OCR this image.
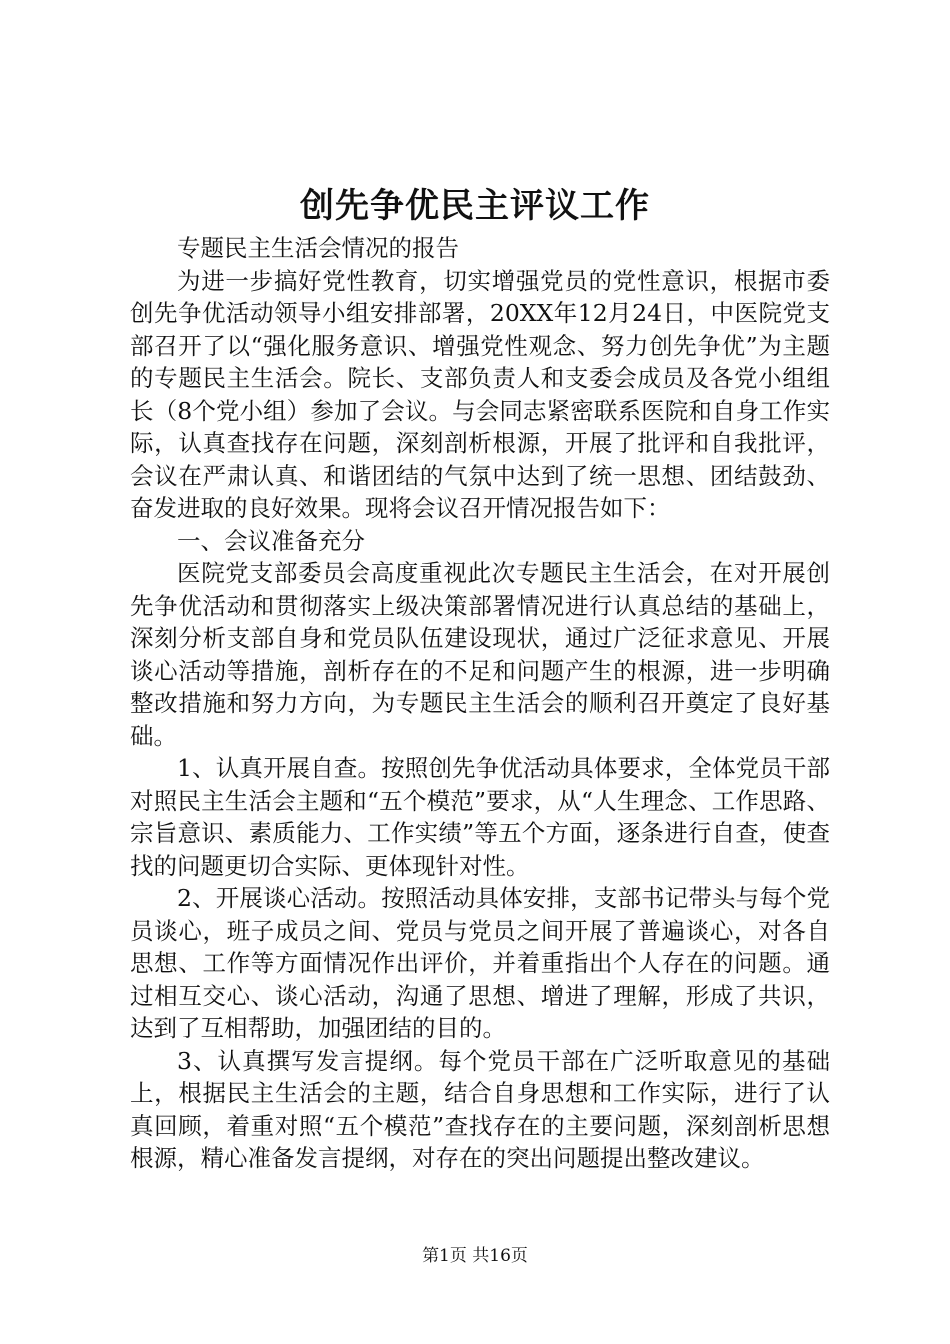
创先争优民主评议工作

专题民主生活会情况的报告

为进一步搞好党性教育，切实增强党员的党性意识，根据市委创先争优活动领导小组安排部署，20XX年12月24日，中医院党支部召开了以“强化服务意识、增强党性观念、努力创先争优”为主题的专题民主生活会。院长、支部负责人和支委会成员及各党小组组长（8个党小组）参加了会议。与会同志紧密联系医院和自身工作实际，认真查找存在问题，深刻剖析根源，开展了批评和自我批评，会议在严肃认真、和谐团结的气氛中达到了统一思想、团结鼓劲、奋发进取的良好效果。现将会议召开情况报告如下：

一、会议准备充分

医院党支部委员会高度重视此次专题民主生活会，在对开展创先争优活动和贯彻落实上级决策部署情况进行认真总结的基础上，深刻分析支部自身和党员队伍建设现状，通过广泛征求意见、开展谈心活动等措施，剖析存在的不足和问题产生的根源，进一步明确整改措施和努力方向，为专题民主生活会的顺利召开奠定了良好基础。

1、认真开展自查。按照创先争优活动具体要求，全体党员干部对照民主生活会主题和“五个模范”要求，从“人生理念、工作思路、宗旨意识、素质能力、工作实绩”等五个方面，逐条进行自查，使查找的问题更切合实际、更体现针对性。

2、开展谈心活动。按照活动具体安排，支部书记带头与每个党员谈心，班子成员之间、党员与党员之间开展了普遍谈心，对各自思想、工作等方面情况作出评价，并着重指出个人存在的问题。通过相互交心、谈心活动，沟通了思想、增进了理解，形成了共识，达到了互相帮助，加强团结的目的。

3、认真撰写发言提纲。每个党员干部在广泛听取意见的基础上，根据民主生活会的主题，结合自身思想和工作实际，进行了认真回顾，着重对照“五个模范”查找存在的主要问题，深刻剖析思想根源，精心准备发言提纲，对存在的突出问题提出整改建议。

第1页 共16页
